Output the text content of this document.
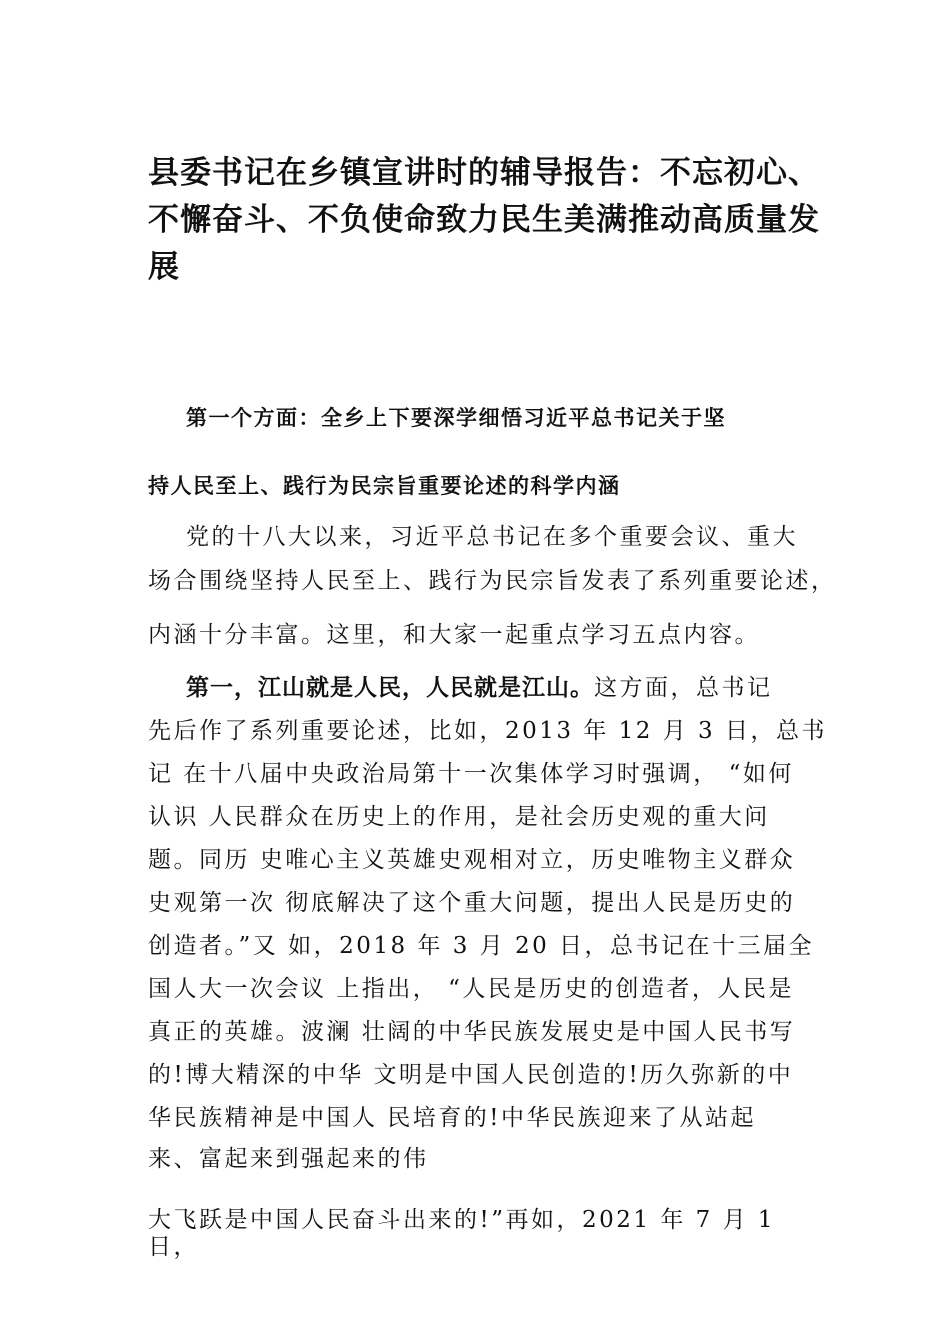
县委书记在乡镇宣讲时的辅导报告：不忘初心、不懈奋斗、不负使命致力民生美满推动高质量发展
第一个方面：全乡上下要深学细悟习近平总书记关于坚
持人民至上、践行为民宗旨重要论述的科学内涵
党的十八大以来，习近平总书记在多个重要会议、重大
场合围绕坚持人民至上、践行为民宗旨发表了系列重要论述，
内涵十分丰富。这里，和大家一起重点学习五点内容。
第一，江山就是人民，人民就是江山。这方面，总书记
先后作了系列重要论述，比如，2013 年 12 月 3 日，总书
记 在十八届中央政治局第十一次集体学习时强调， “如何
认识 人民群众在历史上的作用，是社会历史观的重大问
题。同历 史唯心主义英雄史观相对立，历史唯物主义群众
史观第一次 彻底解决了这个重大问题，提出人民是历史的
创造者。”又 如，2018 年 3 月 20 日，总书记在十三届全
国人大一次会议 上指出， “人民是历史的创造者，人民是
真正的英雄。波澜 壮阔的中华民族发展史是中国人民书写
的!博大精深的中华 文明是中国人民创造的!历久弥新的中
华民族精神是中国人 民培育的!中华民族迎来了从站起
来、富起来到强起来的伟
大飞跃是中国人民奋斗出来的!”再如，2021 年 7 月 1
日，
